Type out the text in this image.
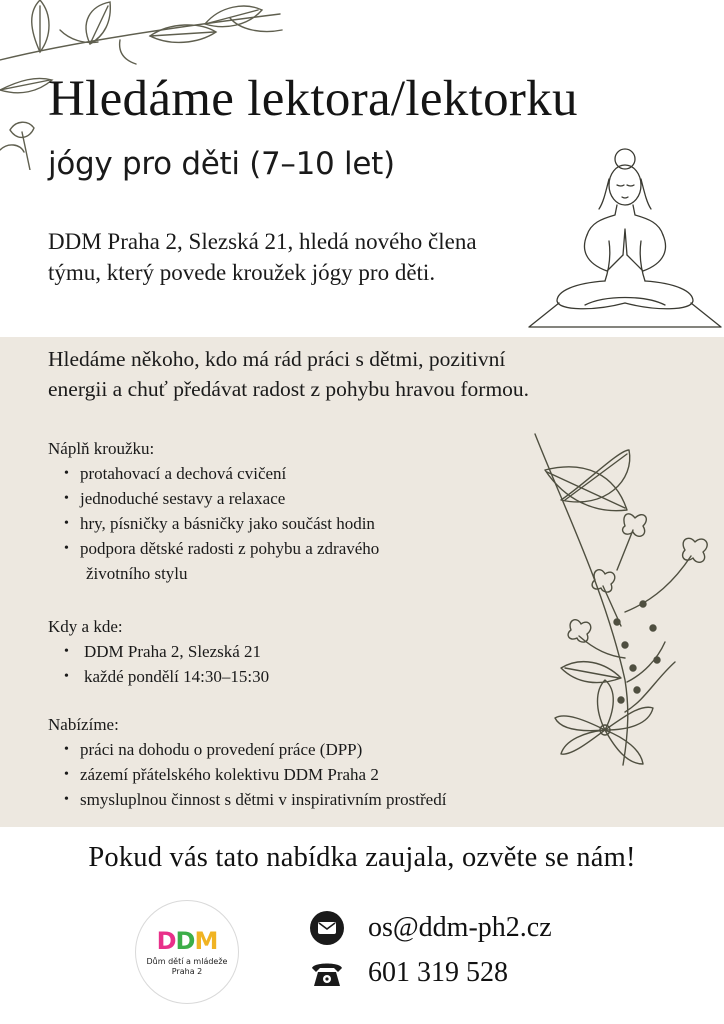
Hledáme lektora/lektorku
jógy pro děti (7–10 let)
DDM Praha 2, Slezská 21, hledá nového člena
týmu, který povede kroužek jógy pro děti.
Hledáme někoho, kdo má rád práci s dětmi, pozitivní
energii a chuť předávat radost z pohybu hravou formou.
Náplň kroužku:
• protahovací a dechová cvičení
• jednoduché sestavy a relaxace
• hry, písničky a básničky jako součást hodin
• podpora dětské radosti z pohybu a zdravého
životního stylu
Kdy a kde:
• DDM Praha 2, Slezská 21
• každé pondělí 14:30–15:30
Nabízíme:
• práci na dohodu o provedení práce (DPP)
• zázemí přátelského kolektivu DDM Praha 2
• smysluplnou činnost s dětmi v inspirativním prostředí
Pokud vás tato nabídka zaujala, ozvěte se nám!
DDM
Dům dětí a mládeže
Praha 2
os@ddm-ph2.cz
601 319 528
